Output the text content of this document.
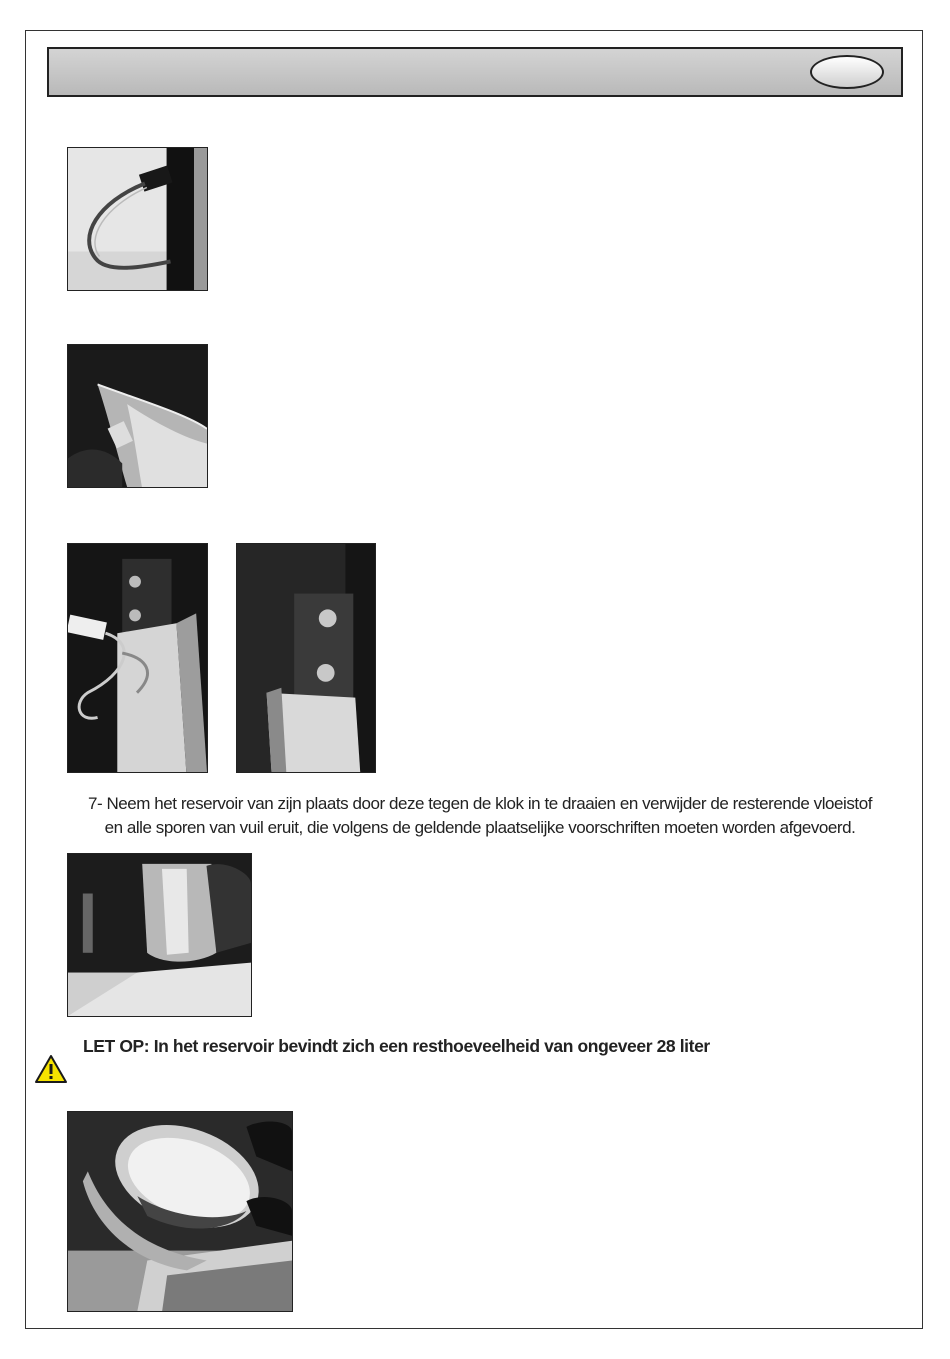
7- Neem het reservoir van zijn plaats door deze tegen de klok in te draaien en verwijder de resterende vloeistof
en alle sporen van vuil eruit, die volgens de geldende plaatselijke voorschriften moeten worden afgevoerd.
LET OP: In het reservoir bevindt zich een resthoeveelheid van ongeveer 28 liter
